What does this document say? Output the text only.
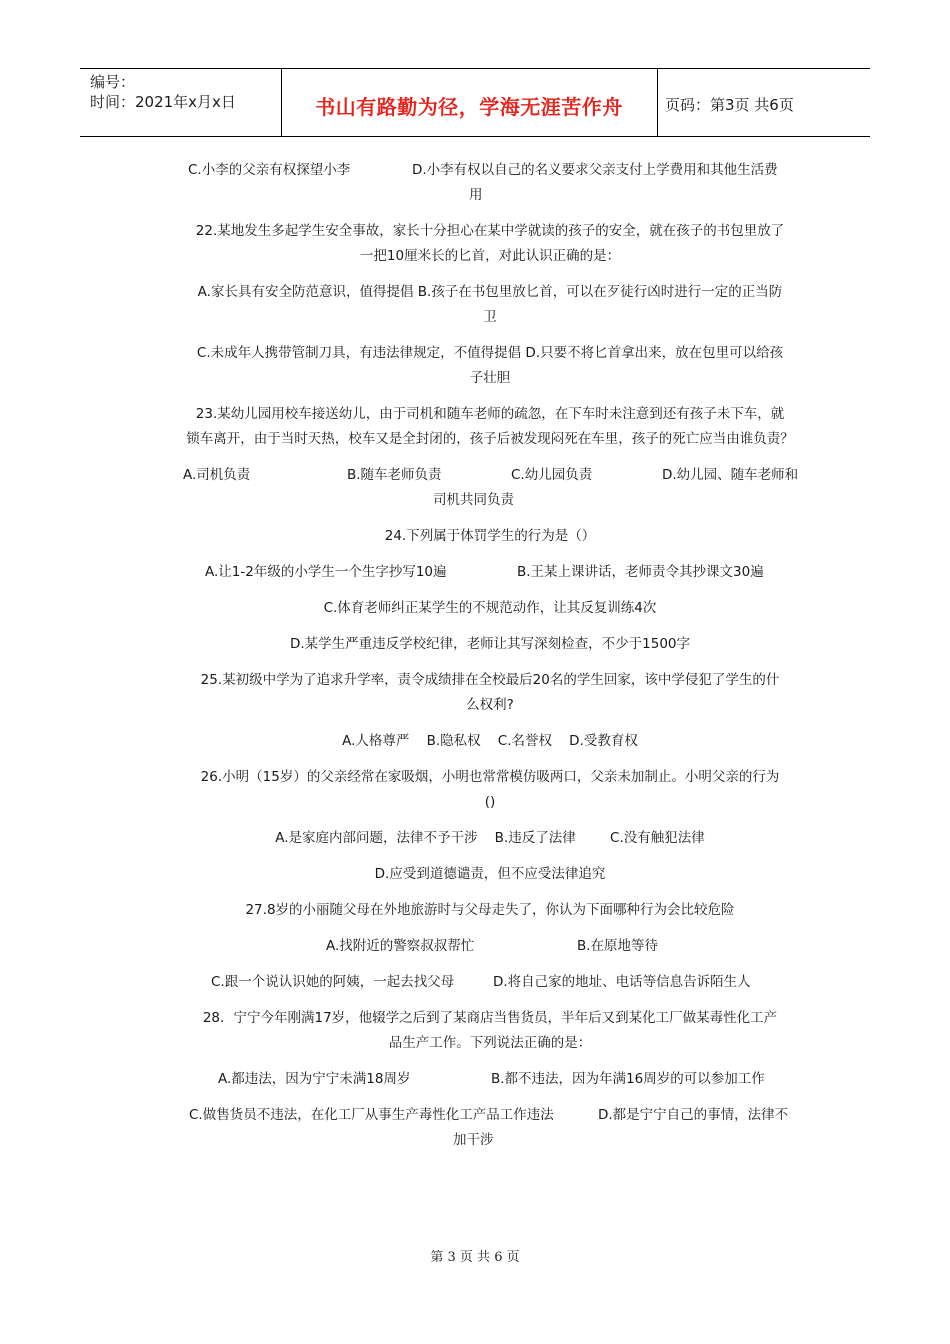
编号：
时间：2021年x月x日	书山有路勤为径，学海无涯苦作舟	页码：第3页 共6页
C.小李的父亲有权探望小李	D.小李有权以自己的名义要求父亲支付上学费用和其他生活费
用

22.某地发生多起学生安全事故，家长十分担心在某中学就读的孩子的安全，就在孩子的书包里放了

一把10厘米长的匕首，对此认识正确的是：

A.家长具有安全防范意识，值得提倡 B.孩子在书包里放匕首，可以在歹徒行凶时进行一定的正当防

卫

C.未成年人携带管制刀具，有违法律规定，不值得提倡 D.只要不将匕首拿出来，放在包里可以给孩

子壮胆

23.某幼儿园用校车接送幼儿，由于司机和随车老师的疏忽，在下车时未注意到还有孩子未下车，就

锁车离开，由于当时天热，校车又是全封闭的，孩子后被发现闷死在车里，孩子的死亡应当由谁负责？

A.司机负责	B.随车老师负责	C.幼儿园负责	D.幼儿园、随车老师和
司机共同负责

24.下列属于体罚学生的行为是（）

A.让1-2年级的小学生一个生字抄写10遍	B.王某上课讲话，老师责令其抄课文30遍

C.体育老师纠正某学生的不规范动作，让其反复训练4次

D.某学生严重违反学校纪律，老师让其写深刻检查，不少于1500字

25.某初级中学为了追求升学率，责令成绩排在全校最后20名的学生回家，该中学侵犯了学生的什

么权利?

A.人格尊严    B.隐私权    C.名誉权    D.受教育权

26.小明（15岁）的父亲经常在家吸烟，小明也常常模仿吸两口，父亲未加制止。小明父亲的行为

()

A.是家庭内部问题，法律不予干涉    B.违反了法律        C.没有触犯法律

D.应受到道德谴责，但不应受法律追究

27.8岁的小丽随父母在外地旅游时与父母走失了，你认为下面哪种行为会比较危险

A.找附近的警察叔叔帮忙	B.在原地等待
C.跟一个说认识她的阿姨，一起去找父母	D.将自己家的地址、电话等信息告诉陌生人

28．宁宁今年刚满17岁，他辍学之后到了某商店当售货员，半年后又到某化工厂做某毒性化工产

品生产工作。下列说法正确的是：

A.都违法，因为宁宁未满18周岁	B.都不违法，因为年满16周岁的可以参加工作
C.做售货员不违法，在化工厂从事生产毒性化工产品工作违法	D.都是宁宁自己的事情，法律不
加干涉
第 3 页 共 6 页
